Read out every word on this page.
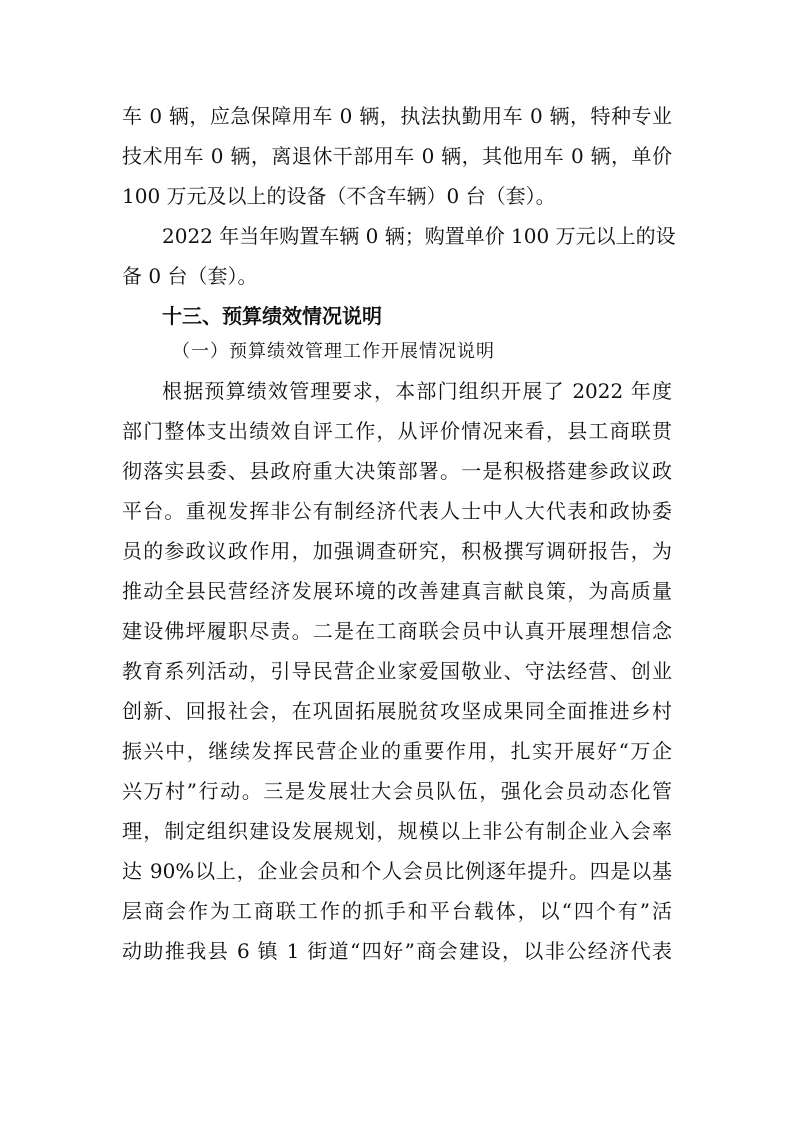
车 0 辆，应急保障用车 0 辆，执法执勤用车 0 辆，特种专业
技术用车 0 辆，离退休干部用车 0 辆，其他用车 0 辆，单价
100 万元及以上的设备（不含车辆）0 台（套）。
2022 年当年购置车辆 0 辆；购置单价 100 万元以上的设
备 0 台（套）。
十三、预算绩效情况说明
（一）预算绩效管理工作开展情况说明
根据预算绩效管理要求，本部门组织开展了 2022 年度
部门整体支出绩效自评工作，从评价情况来看，县工商联贯
彻落实县委、县政府重大决策部署。一是积极搭建参政议政
平台。重视发挥非公有制经济代表人士中人大代表和政协委
员的参政议政作用，加强调查研究，积极撰写调研报告，为
推动全县民营经济发展环境的改善建真言献良策，为高质量
建设佛坪履职尽责。二是在工商联会员中认真开展理想信念
教育系列活动，引导民营企业家爱国敬业、守法经营、创业
创新、回报社会，在巩固拓展脱贫攻坚成果同全面推进乡村
振兴中，继续发挥民营企业的重要作用，扎实开展好“万企
兴万村”行动。三是发展壮大会员队伍，强化会员动态化管
理，制定组织建设发展规划，规模以上非公有制企业入会率
达 90%以上，企业会员和个人会员比例逐年提升。四是以基
层商会作为工商联工作的抓手和平台载体，以“四个有”活
动助推我县 6 镇 1 街道“四好”商会建设，以非公经济代表
